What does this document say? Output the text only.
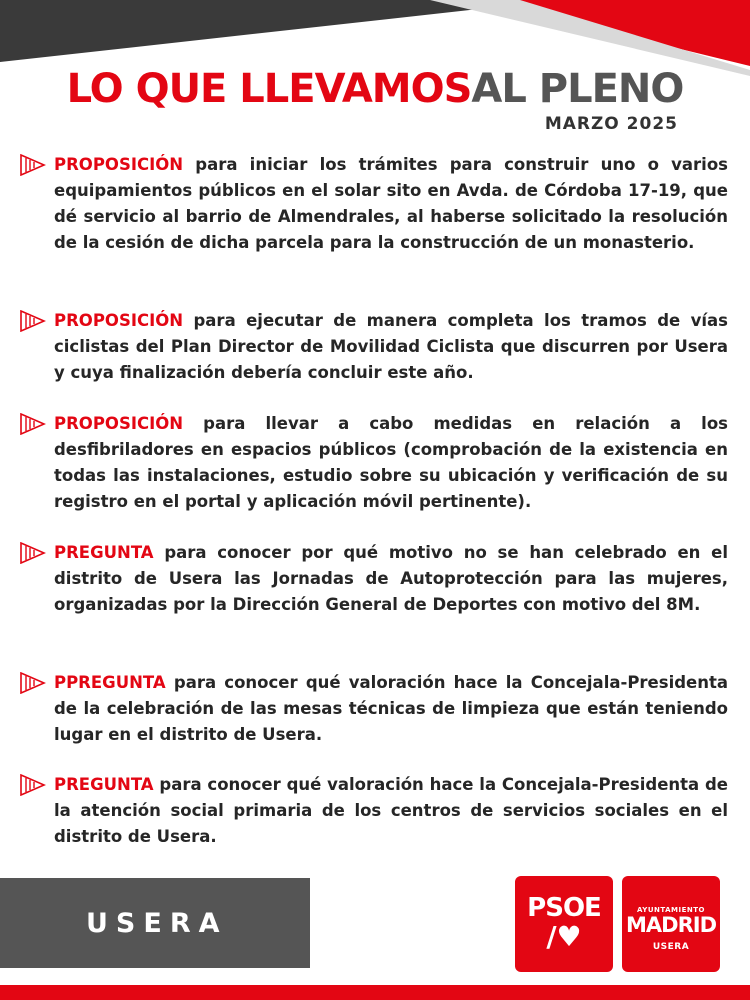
LO QUE LLEVAMOSAL PLENO
MARZO 2025

PROPOSICIÓN para iniciar los trámites para construir uno o varios equipamientos públicos en el solar sito en Avda. de Córdoba 17-19, que dé servicio al barrio de Almendrales, al haberse solicitado la resolución de la cesión de dicha parcela para la construcción de un monasterio.

PROPOSICIÓN para ejecutar de manera completa los tramos de vías ciclistas del Plan Director de Movilidad Ciclista que discurren por Usera y cuya finalización debería concluir este año.

PROPOSICIÓN para llevar a cabo medidas en relación a los desfibriladores en espacios públicos (comprobación de la existencia en todas las instalaciones, estudio sobre su ubicación y verificación de su registro en el portal y aplicación móvil pertinente).

PREGUNTA para conocer por qué motivo no se han celebrado en el distrito de Usera las Jornadas de Autoprotección para las mujeres, organizadas por la Dirección General de Deportes con motivo del 8M.

PPREGUNTA para conocer qué valoración hace la Concejala-Presidenta de la celebración de las mesas técnicas de limpieza que están teniendo lugar en el distrito de Usera.

PREGUNTA para conocer qué valoración hace la Concejala-Presidenta de la atención social primaria de los centros de servicios sociales en el distrito de Usera.

USERA	PSOE
/♥
AYUNTAMIENTO
MADRID
USERA
